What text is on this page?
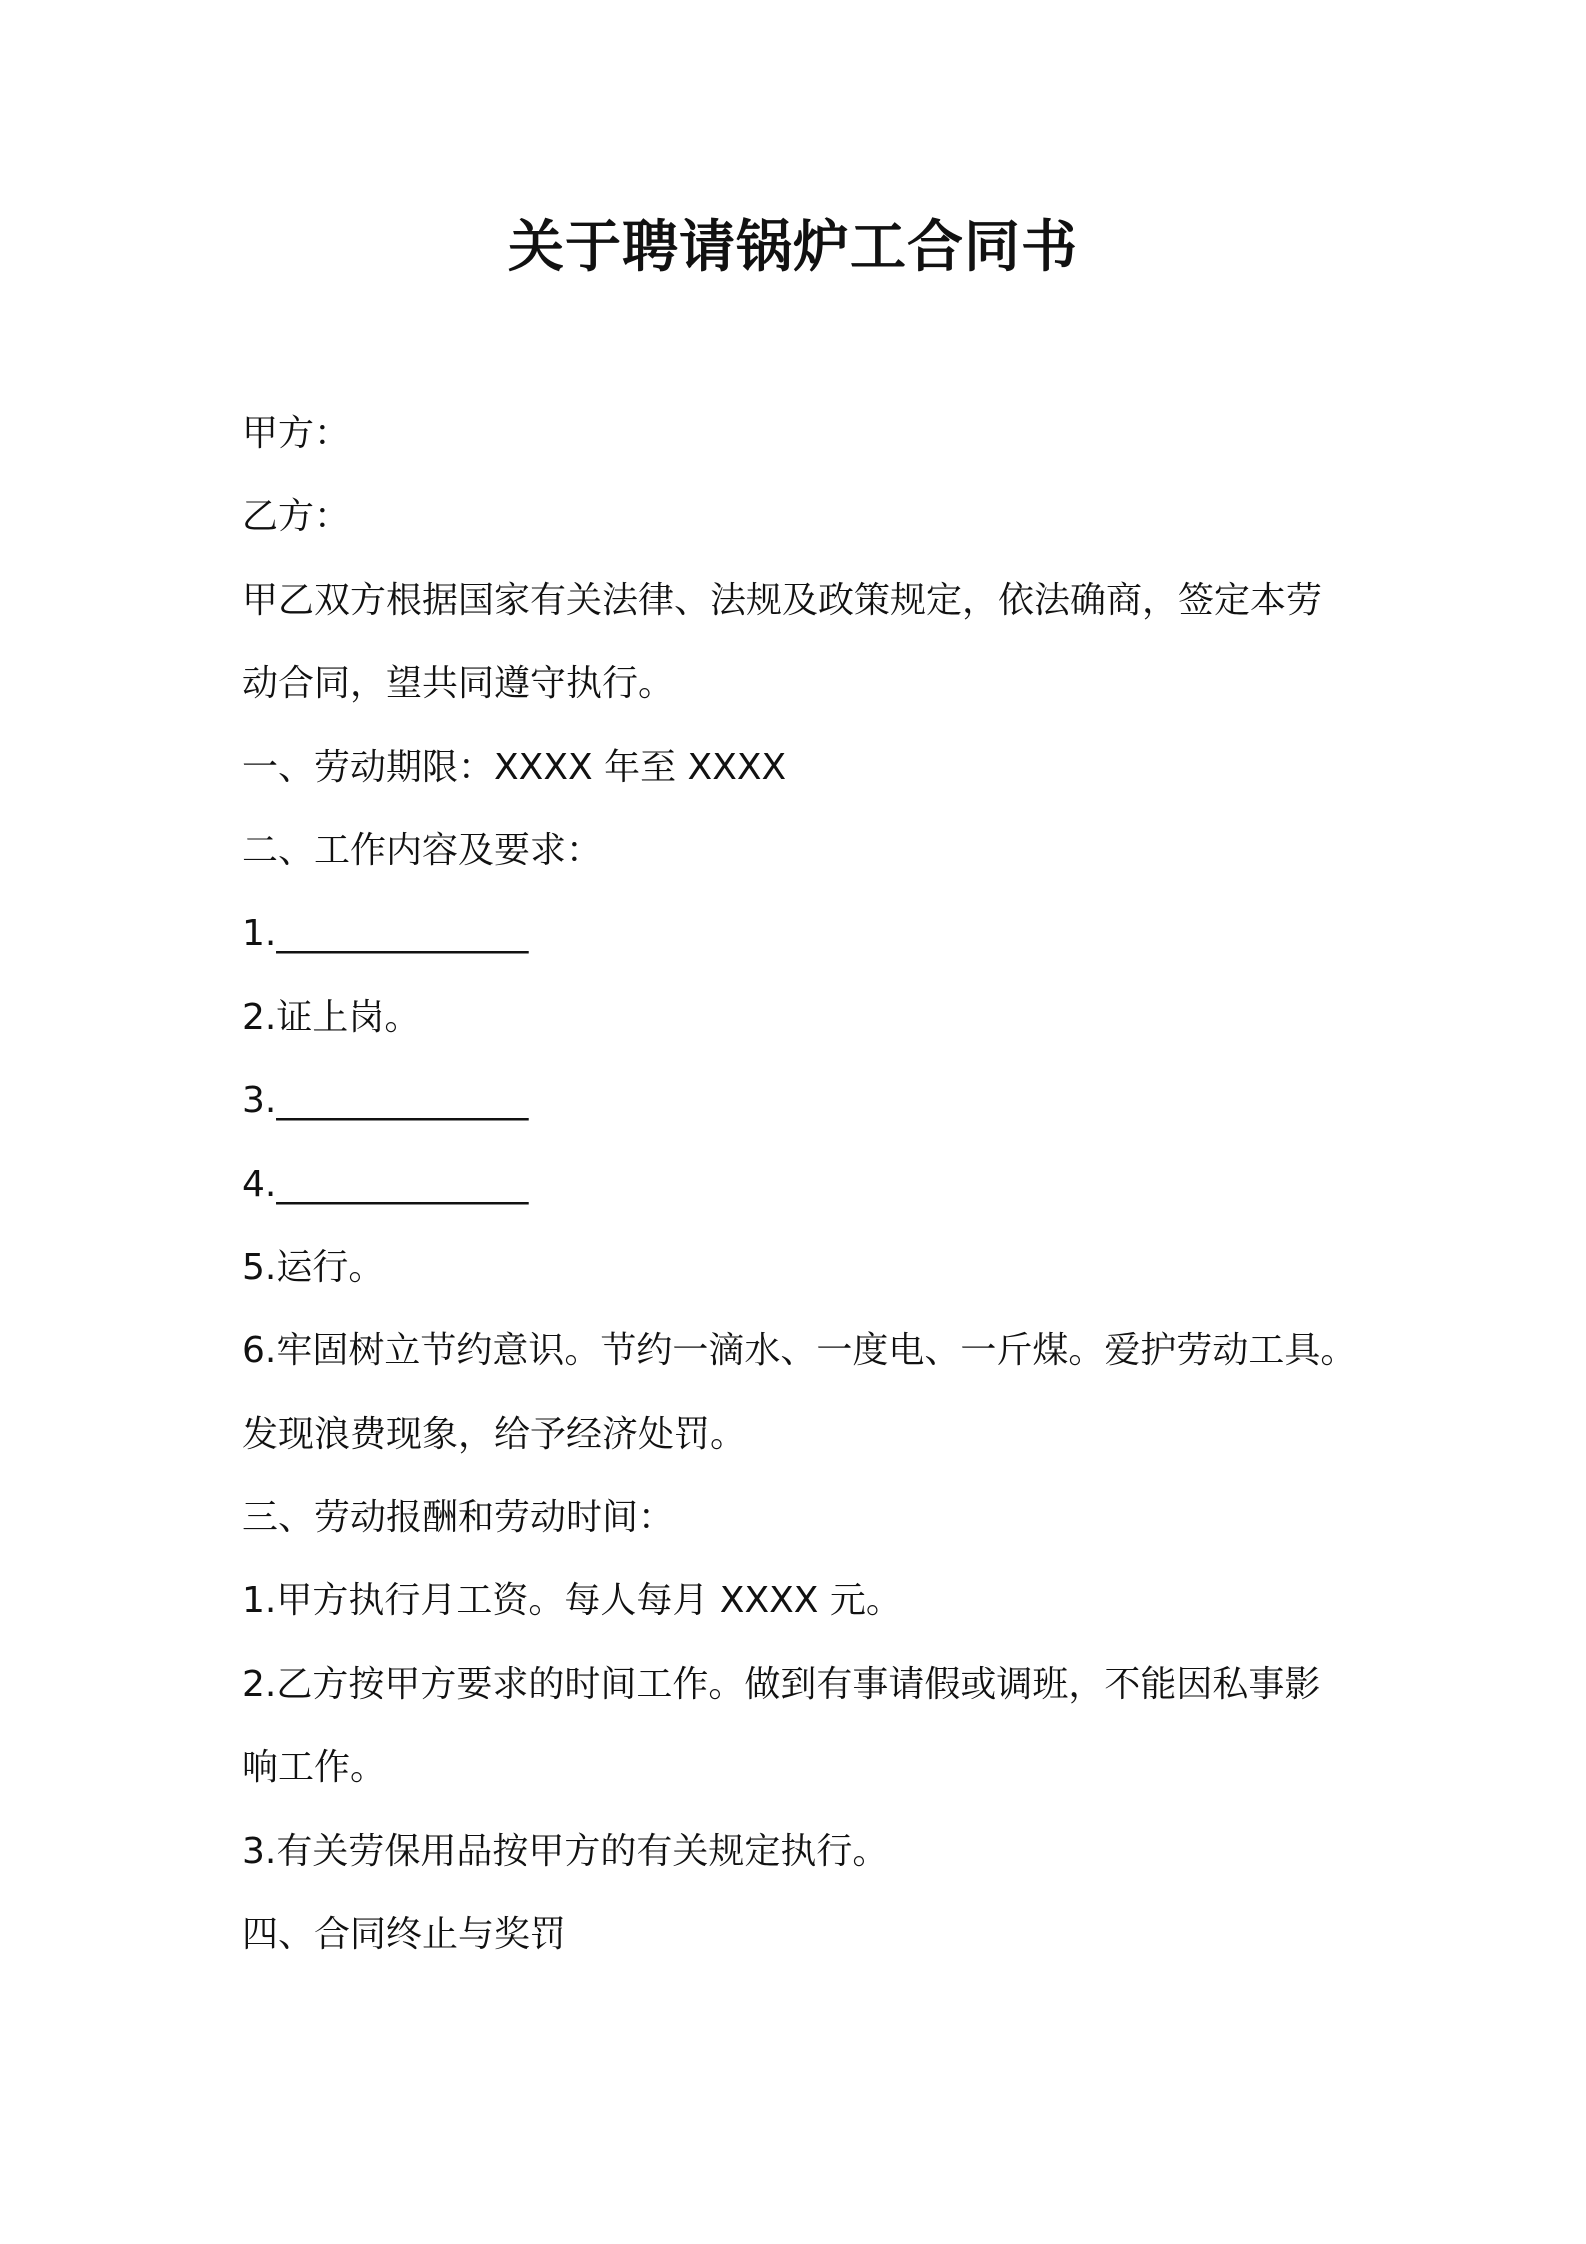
关于聘请锅炉工合同书
甲方：
乙方：
甲乙双方根据国家有关法律、法规及政策规定，依法确商，签定本劳
动合同，望共同遵守执行。
一、劳动期限：XXXX 年至 XXXX
二、工作内容及要求：
1.______________
2.证上岗。
3.______________
4.______________
5.运行。
6.牢固树立节约意识。节约一滴水、一度电、一斤煤。爱护劳动工具。
发现浪费现象，给予经济处罚。
三、劳动报酬和劳动时间：
1.甲方执行月工资。每人每月 XXXX 元。
2.乙方按甲方要求的时间工作。做到有事请假或调班，不能因私事影
响工作。
3.有关劳保用品按甲方的有关规定执行。
四、合同终止与奖罚
